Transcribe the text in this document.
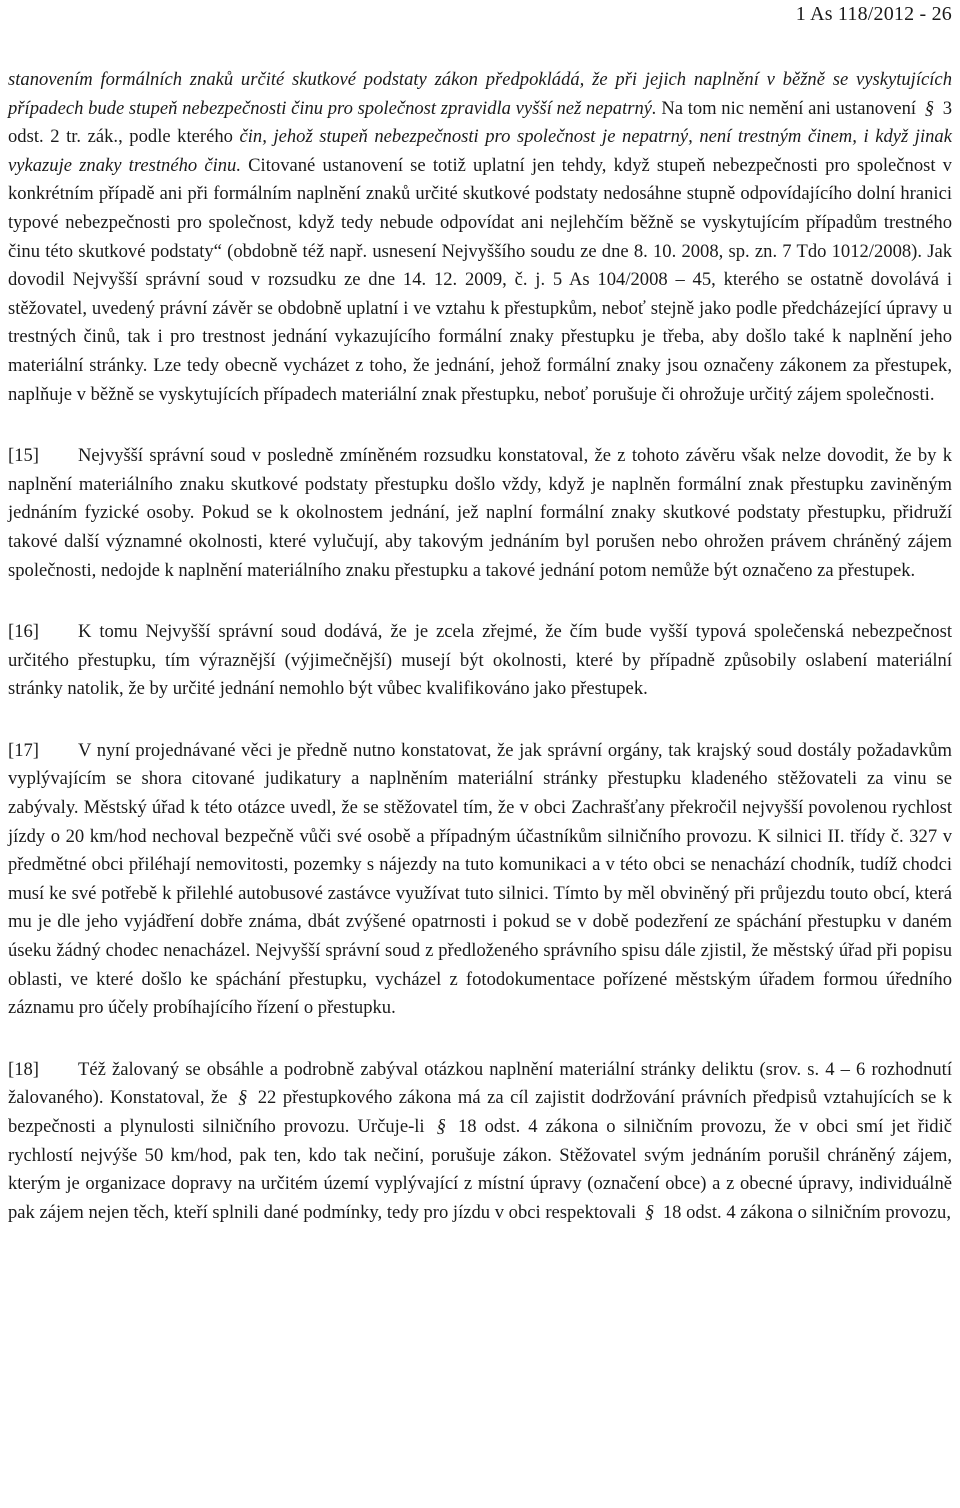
1 As 118/2012 - 26

stanovením formálních znaků určité skutkové podstaty zákon předpokládá, že při jejich naplnění v běžně se vyskytujících případech bude stupeň nebezpečnosti činu pro společnost zpravidla vyšší než nepatrný. Na tom nic nemění ani ustanovení § 3 odst. 2 tr. zák., podle kterého čin, jehož stupeň nebezpečnosti pro společnost je nepatrný, není trestným činem, i když jinak vykazuje znaky trestného činu. Citované ustanovení se totiž uplatní jen tehdy, když stupeň nebezpečnosti pro společnost v konkrétním případě ani při formálním naplnění znaků určité skutkové podstaty nedosáhne stupně odpovídajícího dolní hranici typové nebezpečnosti pro společnost, když tedy nebude odpovídat ani nejlehčím běžně se vyskytujícím případům trestného činu této skutkové podstaty“ (obdobně též např. usnesení Nejvyššího soudu ze dne 8. 10. 2008, sp. zn. 7 Tdo 1012/2008). Jak dovodil Nejvyšší správní soud v rozsudku ze dne 14. 12. 2009, č. j. 5 As 104/2008 – 45, kterého se ostatně dovolává i stěžovatel, uvedený právní závěr se obdobně uplatní i ve vztahu k přestupkům, neboť stejně jako podle předcházející úpravy u trestných činů, tak i pro trestnost jednání vykazujícího formální znaky přestupku je třeba, aby došlo také k naplnění jeho materiální stránky. Lze tedy obecně vycházet z toho, že jednání, jehož formální znaky jsou označeny zákonem za přestupek, naplňuje v běžně se vyskytujících případech materiální znak přestupku, neboť porušuje či ohrožuje určitý zájem společnosti.

[15] Nejvyšší správní soud v posledně zmíněném rozsudku konstatoval, že z tohoto závěru však nelze dovodit, že by k naplnění materiálního znaku skutkové podstaty přestupku došlo vždy, když je naplněn formální znak přestupku zaviněným jednáním fyzické osoby. Pokud se k okolnostem jednání, jež naplní formální znaky skutkové podstaty přestupku, přidruží takové další významné okolnosti, které vylučují, aby takovým jednáním byl porušen nebo ohrožen právem chráněný zájem společnosti, nedojde k naplnění materiálního znaku přestupku a takové jednání potom nemůže být označeno za přestupek.

[16] K tomu Nejvyšší správní soud dodává, že je zcela zřejmé, že čím bude vyšší typová společenská nebezpečnost určitého přestupku, tím výraznější (výjimečnější) musejí být okolnosti, které by případně způsobily oslabení materiální stránky natolik, že by určité jednání nemohlo být vůbec kvalifikováno jako přestupek.

[17] V nyní projednávané věci je předně nutno konstatovat, že jak správní orgány, tak krajský soud dostály požadavkům vyplývajícím se shora citované judikatury a naplněním materiální stránky přestupku kladeného stěžovateli za vinu se zabývaly. Městský úřad k této otázce uvedl, že se stěžovatel tím, že v obci Zachrašťany překročil nejvyšší povolenou rychlost jízdy o 20 km/hod nechoval bezpečně vůči své osobě a případným účastníkům silničního provozu. K silnici II. třídy č. 327 v předmětné obci přiléhají nemovitosti, pozemky s nájezdy na tuto komunikaci a v této obci se nenachází chodník, tudíž chodci musí ke své potřebě k přilehlé autobusové zastávce využívat tuto silnici. Tímto by měl obviněný při průjezdu touto obcí, která mu je dle jeho vyjádření dobře známa, dbát zvýšené opatrnosti i pokud se v době podezření ze spáchání přestupku v daném úseku žádný chodec nenacházel. Nejvyšší správní soud z předloženého správního spisu dále zjistil, že městský úřad při popisu oblasti, ve které došlo ke spáchání přestupku, vycházel z fotodokumentace pořízené městským úřadem formou úředního záznamu pro účely probíhajícího řízení o přestupku.

[18] Též žalovaný se obsáhle a podrobně zabýval otázkou naplnění materiální stránky deliktu (srov. s. 4 – 6 rozhodnutí žalovaného). Konstatoval, že § 22 přestupkového zákona má za cíl zajistit dodržování právních předpisů vztahujících se k bezpečnosti a plynulosti silničního provozu. Určuje-li § 18 odst. 4 zákona o silničním provozu, že v obci smí jet řidič rychlostí nejvýše 50 km/hod, pak ten, kdo tak nečiní, porušuje zákon. Stěžovatel svým jednáním porušil chráněný zájem, kterým je organizace dopravy na určitém území vyplývající z místní úpravy (označení obce) a z obecné úpravy, individuálně pak zájem nejen těch, kteří splnili dané podmínky, tedy pro jízdu v obci respektovali § 18 odst. 4 zákona o silničním provozu,
